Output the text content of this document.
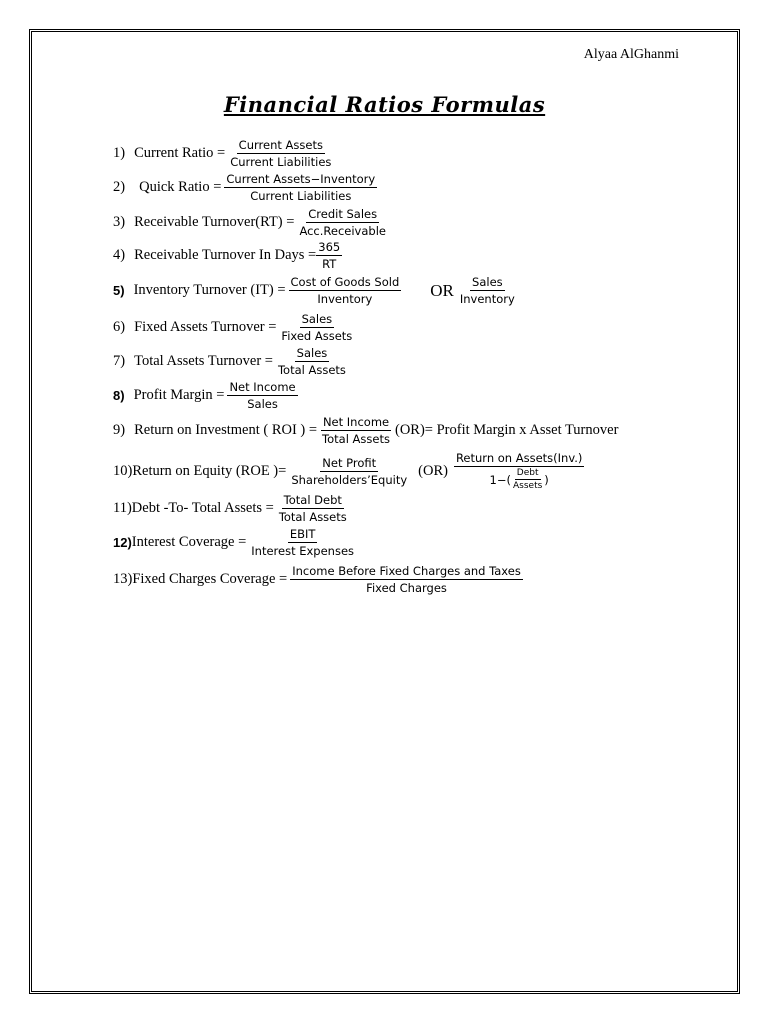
Alyaa AlGhanmi
Financial Ratios Formulas
1) Current Ratio = $\frac{\text{Current Assets}}{\text{Current Liabilities}}$
2) Quick Ratio = $\frac{\text{Current Assets−Inventory}}{\text{Current Liabilities}}$
3) Receivable Turnover(RT) = $\frac{\text{Credit Sales}}{\text{Acc.Receivable}}$
4) Receivable Turnover In Days = $\frac{365}{RT}$
5) Inventory Turnover $(IT) = \frac{\text{Cost of Goods Sold}}{\text{Inventory}}$ OR $\frac{\text{Sales}}{\text{Inventory}}$
6) Fixed Assets Turnover = $\frac{\text{Sales}}{\text{Fixed Assets}}$
7) Total Assets Turnover = $\frac{\text{Sales}}{\text{Total Assets}}$
8) Profit Margin = $\frac{\text{Net Income}}{\text{Sales}}$
9) Return on Investment ( ROI ) = $\frac{\text{Net Income}}{\text{Total Assets}} (OR)=$ Profit Margin x Asset Turnover
10) Return on Equity (ROE )= $\frac{\text{Net Profit}}{\text{Shareholders’Equity}} (OR)$
Return on Assets(Inv.)
$1-( \frac{\text{Debt}}{\text{Assets}}$ )
11) Debt -To- Total Assets = $\frac{\text{Total Debt}}{\text{Total Assets}}$
12) Interest Coverage = $\frac{\text{EBIT}}{\text{Interest Expenses}}$
13) Fixed Charges Coverage = $\frac{\text{Income Before Fixed Charges and Taxes}}{\text{Fixed Charges}}$
